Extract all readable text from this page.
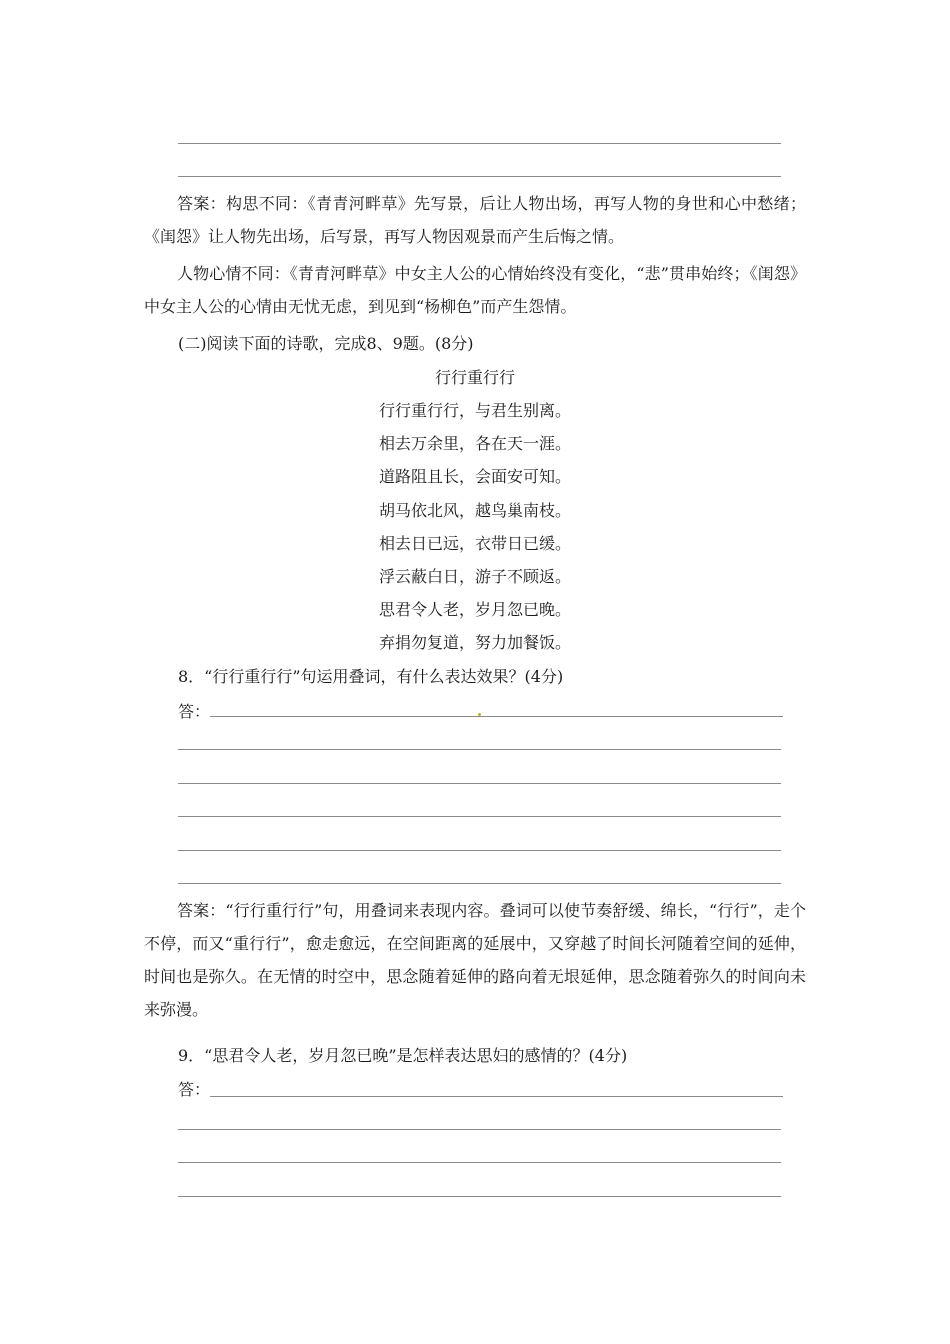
答案：构思不同：《青青河畔草》先写景，后让人物出场，再写人物的身世和心中愁绪；《闺怨》让人物先出场，后写景，再写人物因观景而产生后悔之情。
人物心情不同：《青青河畔草》中女主人公的心情始终没有变化，“悲”贯串始终；《闺怨》中女主人公的心情由无忧无虑，到见到“杨柳色”而产生怨情。
(二)阅读下面的诗歌，完成8、9题。(8分)
行行重行行
行行重行行，与君生别离。
相去万余里，各在天一涯。
道路阻且长，会面安可知。
胡马依北风，越鸟巢南枝。
相去日已远，衣带日已缓。
浮云蔽白日，游子不顾返。
思君令人老，岁月忽已晚。
弃捐勿复道，努力加餐饭。
8．“行行重行行”句运用叠词，有什么表达效果？(4分)
答：
答案：“行行重行行”句，用叠词来表现内容。叠词可以使节奏舒缓、绵长，“行行”，走个不停，而又“重行行”，愈走愈远，在空间距离的延展中，又穿越了时间长河随着空间的延伸，时间也是弥久。在无情的时空中，思念随着延伸的路向着无垠延伸，思念随着弥久的时间向未来弥漫。
9．“思君令人老，岁月忽已晚”是怎样表达思妇的感情的？(4分)
答：
